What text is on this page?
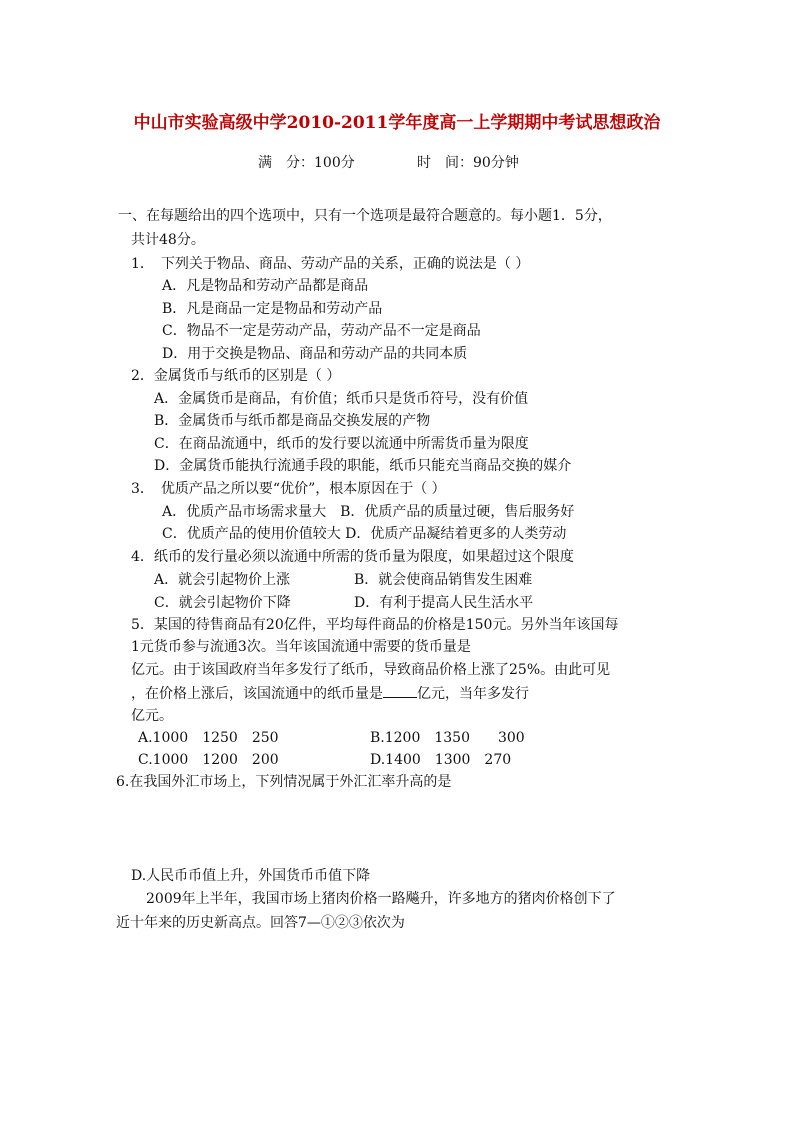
中山市实验高级中学2010-2011学年度高一上学期期中考试思想政治
满　分：100分	时　间：90分钟
一、在每题给出的四个选项中，只有一个选项是最符合题意的。每小题1．5分，
共计48分。
1．　下列关于物品、商品、劳动产品的关系，正确的说法是（ ）
A．凡是物品和劳动产品都是商品
B．凡是商品一定是物品和劳动产品
C．物品不一定是劳动产品，劳动产品不一定是商品
D．用于交换是物品、商品和劳动产品的共同本质
2．金属货币与纸币的区别是（ ）
A．金属货币是商品，有价值；纸币只是货币符号，没有价值
B．金属货币与纸币都是商品交换发展的产物
C．在商品流通中，纸币的发行要以流通中所需货币量为限度
D．金属货币能执行流通手段的职能，纸币只能充当商品交换的媒介
3．　优质产品之所以要“优价”，根本原因在于（ ）
A．优质产品市场需求量大　B．优质产品的质量过硬，售后服务好
C．优质产品的使用价值较大 D．优质产品凝结着更多的人类劳动
4．纸币的发行量必须以流通中所需的货币量为限度，如果超过这个限度
A．就会引起物价上涨	B．就会使商品销售发生困难
C．就会引起物价下降	D．有利于提高人民生活水平
5．某国的待售商品有20亿件，平均每件商品的价格是150元。另外当年该国每
1元货币参与流通3次。当年该国流通中需要的货币量是
亿元。由于该国政府当年多发行了纸币，导致商品价格上涨了25%。由此可见
，在价格上涨后，该国流通中的纸币量是 亿元，当年多发行
亿元。
A.1000　1250　250	B.1200　1350　　300
C.1000　1200　200	D.1400　1300　270
6.在我国外汇市场上，下列情况属于外汇汇率升高的是
D.人民币币值上升，外国货币币值下降
2009年上半年，我国市场上猪肉价格一路飚升，许多地方的猪肉价格创下了
近十年来的历史新高点。回答7—①②③依次为
